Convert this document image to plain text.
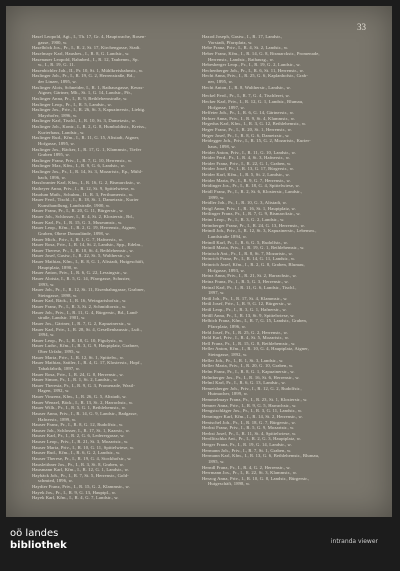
33
Hasel Leopold, Agt., I., Th. 17, Gr. 4, Hauptwache, Rosen-
gasse, 1900, w.
Haselböck Jos., Pr., I., R. 2, St. 17, Kirchengasse, Stadt.
Haselmayr Karl, Hausbes., I., R. 8, G. Landstr., w.
Hasenauer Leopold, Bahnbed., I., R. 12, Taubenm., Sp.
w., I., R. 19, G. 11.
Hasenbichler Joh., II., Pr. 10, St. 1, Mühlkreisbahnstr., w.
Haslinger Joh., Pr., I., R. 19, G. 2, Herrenstraße, Bd.,
der Linzer, 1895, w.
Haslinger Alois, Schneider, I., R. 1, Rathausgasse, Keuss-
Aigner, Gärtner, Mlt., St. 1, G. 14, Landstr., Pfr.,
Haslinger Anna, Pr., I., R. 9, Bethlehemstraße, w.
Haslinger Leop., Pr., I., R. 5, Landstr., w.
Haslinger Jos., Priv., I., R. 26, St. 3, Kapuzinerstr., Liebig.
Mayrhofer, 1896, w.
Haslinger Karl, Tischl., I., R. 10, St. 3, Dametzstr., w.
Haslinger Joh., Kontr., I., R. 2, G. 8, Humboldtstr., Kreiss.,
Kurierhaus, Landstr., w.
Haslinger Rud., Kfm., I., R. 11, G. 15, Altstadt, Aigner,
Hofgasse, 1895, w.
Haslinger Jos., Bäcker, I., R. 17, G. 1, Klammstr., Tiefer
Graben 1895, w.
Haslinger Franz, Priv., I., R. 7, G. 10, Herrenstr., w.
Haslinger Max, Kfm., I., R. 9, G. 6, Landstr., w.
Haslinger Jos., Pr., I., R. 14, St. 3, Mozartstr., Ep., Mühl-
bach, 1896, w.
Hasslwanter Karl, Kfm., I., R. 16, G. 2, Bismarckstr., w.
Hatheyer Anna, Priv., I., R. 12, St. 9, Spittelwiese, w.
Haudum Math., Schuhm., II., R. 3, Ferihumerstr., w.
Hauer Ferd., Tischl., I., R. 18, St. 1, Dametzstr., Kurier
Kunsthandlung, Landstraße, 1900, w.
Hauer Franz, Pr., I., R. 20, G. 11, Bürgerstr., w.
Hauer Joh., Schlosser, I., R. 4, St. 2, Klosterstr., Bd.,
Hauer Karl, Pr., I., R. 15, G. 3, Museumstr., w.
Hauer Leop., Kfm., I., R. 2, G. 19, Herrenstr., Aigner,
Graben, Obere Donaulände, 1898, w.
Hauer Mich., Priv., I., R. 1, G. 7, Hafnerstr., w.
Hauer Rosa, Priv., I., R. 14, St. 2, Landstr., Spp., Edelm.,
Hauer Therese, Pr., I., R. 10, St. 4, Bethlehemstr., w.
Hauer Josef, Gastw., I., R. 22, St. 5, Waltherstr., w.
Hauer Mathias, Kfm., I., R. 8, G. 1, Altstadt, Hutgeschäft,
Hauptplatz, 1890, w.
Hauer Anton, Priv., I., R. 6, G. 22, Lessingstr., w.
Hauer Aloisia, I., R. 5, G. 14, Pfarrgasse, Schuster,
1893, w.
Hauer Joh., Pr., I., R. 12, St. 11, Eisenbahngasse, Grabner,
Steingasse, 1898, w.
Hauer Karl, Bäck., I., R. 16, Weingartshofstr., w.
Hauer Franz, Pr., I., R. 3, St. 2, Schmidtorstr., w.
Hauer Joh., Priv., I., R. 11, G. 4, Bürgerstr., Bd., Land-
straße, Landstr. 1901, w.
Hauer Jos., Gärtner, I., R. 7, G. 2, Kapuzinerstr., w.
Hauer Karl, Priv., I., R. 28, St. 4, Gesellenhausstr., Luft.,
1894, w.
Hauer Leop., Pr., I., R. 18, G. 10, Figulystr., w.
Hauer Ludw., Kfm., I., R. 3, G. 9, Hauptplatz, Grabner,
Ober Urfahr, 1895, w.
Hauer Maria, Priv., I., R. 12, St. 1, Spittelw., w.
Hauer Mathias, Sattler, I., R. 4, G. 17, Klosterstr., Hopf.,
Tabakfabrik, 1897, w.
Hauer Rosa, Priv., I., R. 24, G. 8, Herrenstr., w.
Hauer Simon, Pr., I., R. 1, St. 2, Landstr., w.
Hauer Theresia, Pr., I., R. 9, G. 3, Promenade, Wastl-
Hagen, 1892, w.
Hauer Vinzenz, Kfm., I., R. 26, G. 5, Altstadt, w.
Hauer Wenzel, Bäck., I., R. 13, St. 2, Harrachstr., w.
Hauer Wilh., Pr., I., R. 5, G. 1, Bethlehemstr., w.
Hauser Anna, Priv., I., R. 14, G. 9, Landstr., Badgasse,
Hafnerstr., 1899, w.
Hauser Franz, Pr., I., R. 8, G. 12, Rudolfstr., w.
Hauser Joh., Schlosser, I., R. 17, St. 1, Kaarstr., w.
Hauser Karl, Pr., I., R. 2, G. 6, Lederergasse, w.
Hauser Leop., Priv., I., R. 21, St. 3, Mozartstr., w.
Hauser Maria, Priv., I., R. 10, G. 11, Spittelwiese, w.
Hauser Rud., Kfm., I., R. 6, G. 2, Landstr., w.
Hauser Therese, Pr., I., R. 19, G. 4, Stockhofstr., w.
Hausleithner Jos., Pr., I., R. 3, St. 8, Graben, w.
Hausmann Karl, Kfm., I., R. 12, G. 1, Landstr., w.
Haybäck Joh., Pr., I., R. 7, St. 5, Herrenstr., Gold-
schmied, 1896, w.
Haydter Franz, Priv., I., R. 15, G. 2, Klammstr., w.
Hayek Jos., Pr., I., R. 9, G. 13, Hauptpl., w.
Hayek Karl, Kfm., I., R. 4, G. 7, Landstr., w.
Hazod Joseph, Gastw., I., R. 17, Landstr.,
Vorstadt, Pfarrplatz, w.
Hebe Franz, Priv., I., R. 4, St. 2, Landstr., w.
Heber Franz, Kfm., I., R. 14, G. 8, Bismarckstr., Promenade,
Herrenstr., Landstr., Rathausg., w.
Hebesberger Leop., Pr., I., R. 19, G. 2, Landstr., w.
Hechenberger Joh., Pr., I., R. 6, St. 11, Herrenstr., w.
Hecht Anna, Priv., I., R. 25, G. 6, Kaplanhofstr., Grab-
ner, 1895, w.
Hecht Anton, I., R. 8, Waltherstr., Landstr., w.
Heckel Ferd., Pr., I., R. 7, G. 4, Tischlerei, w.
Hecker Karl, Priv., I., R. 12, G. 1, Landstr., Blumau,
Hofgasse, 1897, w.
Heffeter Joh., Pr., I., R. 6, G. 14, Gärtnerstr., w.
Hefner Anna, Priv., I., R. 9, St. 4, Klammstr., w.
Hegedus Karl, Kfm., I., R. 3, G. 12, Bethlehemstr., w.
Heger Franz, Pr., I., R. 20, St. 1, Herrenstr., w.
Heger Josef, Pr., I., R. 8, G. 6, Dametzstr., w.
Heidegger Joh., Priv., I., R. 15, G. 2, Mozartstr., Kurier-
haus, 1898, w.
Heider Anton, Priv., I., R. 11, G. 10, Landstr., w.
Heider Ferd., Pr., I., R. 4, St. 3, Hafnerstr., w.
Heider Franz, Priv., I., R. 22, G. 1, Graben, w.
Heider Josef, Pr., I., R. 13, G. 17, Bürgerstr., w.
Heider Karl, Kfm., I., R. 5, St. 2, Landstr., w.
Heider Maria, Pr., I., R. 9, G. 7, Herrenstr., w.
Heidinger Jos., Pr., I., R. 18, G. 4, Spittelwiese, w.
Heidl Franz, Pr., I., R. 2, St. 6, Klosterstr., Landstr.,
1899, w.
Heidler Joh., Pr., I., R. 10, G. 3, Altstadt, w.
Heigl Anna, Priv., I., R. 16, St. 1, Hauptplatz, w.
Heilinger Franz, Pr., I., R. 7, G. 9, Bismarckstr., w.
Heim Leop., Pr., I., R. 3, G. 2, Landstr., w.
Heimberger Franz, Pr., I., R. 24, G. 13, Herrenstr., w.
Heindl Joh., Priv., I., R. 12, St. 3, Kapuzinerstr., Lebensm.,
Landstraße 1894, w.
Heindl Karl, Pr., I., R. 6, G. 5, Rudolfstr., w.
Heindl Maria, Priv., I., R. 19, G. 1, Bethlehemstr., w.
Heinisch Ant., Pr., I., R. 8, St. 7, Mozartstr., w.
Heinrich Franz, Pr., I., R. 14, G. 11, Landstr., w.
Heinrich Josef, Kfm., I., R. 2, G. 8, Graben, Blumau,
Hofgasse, 1893, w.
Heinz Anna, Priv., I., R. 21, St. 2, Harrachstr., w.
Heinz Franz, Pr., I., R. 5, G. 3, Herrenstr., w.
Heinzl Karl, Pr., I., R. 11, G. 6, Landstr., Tischl.,
1897, w.
Heiß Joh., Pr., I., R. 17, St. 4, Klammstr., w.
Heiß Josef, Priv., I., R. 9, G. 12, Bürgerstr., w.
Heiß Leop., Pr., I., R. 3, G. 1, Hafnerstr., w.
Heißl Anna, Pr., I., R. 13, St. 9, Spittelwiese, w.
Helbich Franz, Kfm., I., R. 7, G. 15, Landstr., Graben,
Pfarrplatz, 1896, w.
Held Josef, Pr., I., R. 25, G. 2, Herrenstr., w.
Held Karl, Priv., I., R. 4, St. 5, Mozartstr., w.
Hell Franz, Pr., I., R. 15, G. 8, Bethlehemstr., w.
Heller Anton, Kfm., I., R. 10, G. 4, Hauptplatz, Aigner,
Steingasse, 1892, w.
Heller Joh., Pr., I., R. 1, St. 3, Landstr., w.
Heller Maria, Priv., I., R. 20, G. 10, Graben, w.
Helm Franz, Pr., I., R. 8, G. 1, Kapuzinerstr., w.
Helmberger Jos., Pr., I., R. 16, St. 6, Herrenstr., w.
Helml Karl, Pr., I., R. 6, G. 13, Landstr., w.
Hemetsberger Joh., Priv., I., R. 12, G. 2, Rudolfstr.,
Hutmacher, 1899, w.
Hemmelmayr Franz, Pr., I., R. 23, St. 1, Klosterstr., w.
Henner Anna, Priv., I., R. 9, G. 5, Harrachstr., w.
Hengstschläger Jos., Pr., I., R. 3, G. 11, Landstr., w.
Henninger Karl, Kfm., I., R. 14, St. 2, Herrenstr., w.
Hentschel Joh., Pr., I., R. 18, G. 7, Bürgerstr., w.
Herbst Franz, Priv., I., R. 5, G. 9, Mozartstr., w.
Herbst Josef, Pr., I., R. 11, St. 4, Spittelwiese, w.
Herdlitschka Ant., Pr., I., R. 2, G. 3, Hauptplatz, w.
Herger Franz, Pr., I., R. 19, G. 14, Landstr., w.
Hermann Joh., Priv., I., R. 7, St. 1, Graben, w.
Hermann Karl, Kfm., I., R. 13, G. 6, Bethlehemstr., Blumau,
1895, w.
Herndl Franz, Pr., I., R. 4, G. 2, Herrenstr., w.
Herrmann Jos., Pr., I., R. 22, St. 3, Klammstr., w.
Herzog Anna, Priv., I., R. 10, G. 8, Landstr., Bürgerstr.,
Hutgeschäft, 1898, w.
oö landes
bibliothek	intranda viewer
